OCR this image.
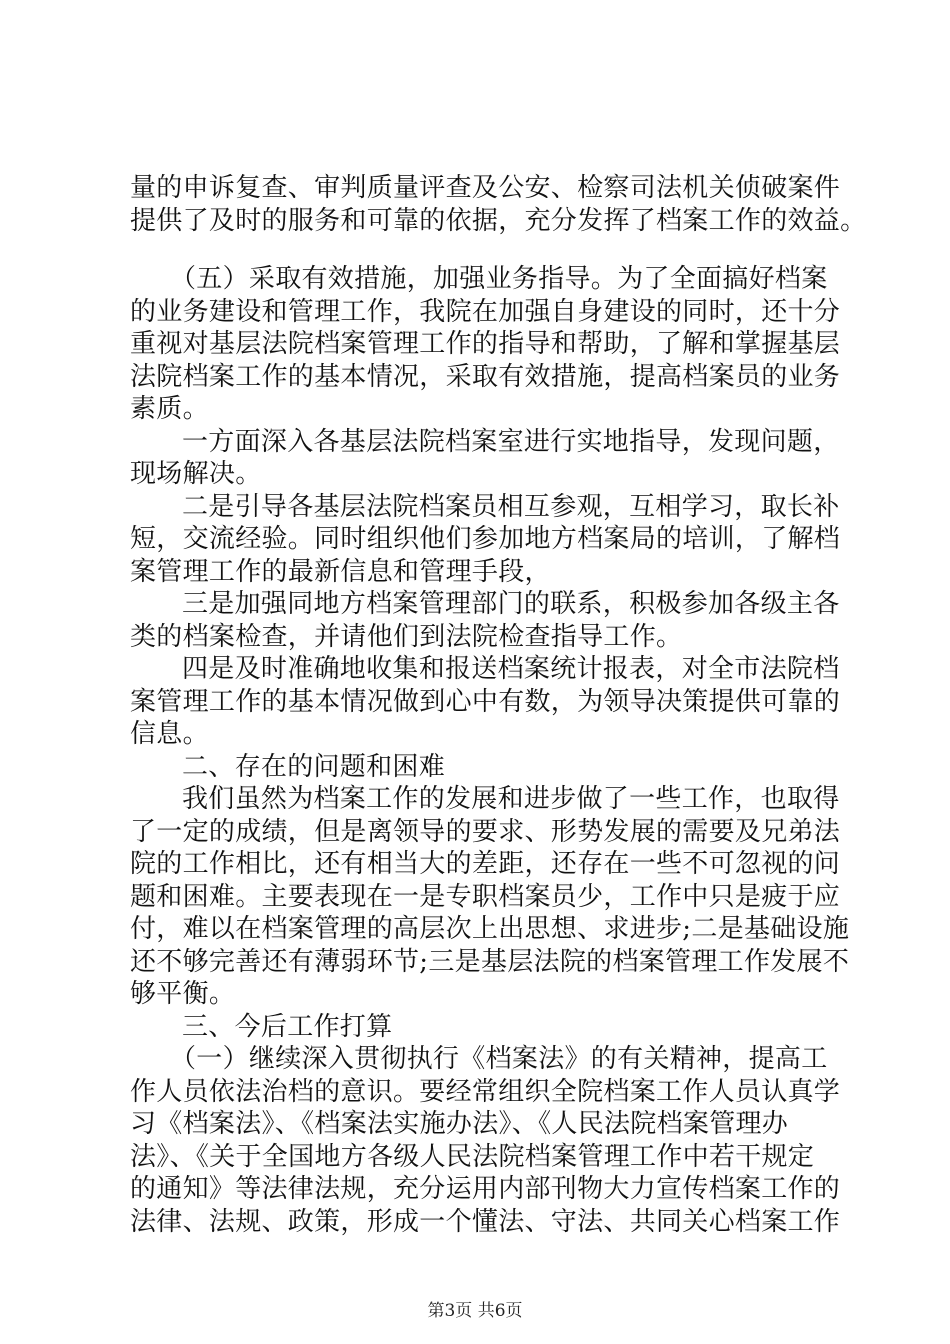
量的申诉复查、审判质量评查及公安、检察司法机关侦破案件
提供了及时的服务和可靠的依据，充分发挥了档案工作的效益。
（五）采取有效措施，加强业务指导。为了全面搞好档案
的业务建设和管理工作，我院在加强自身建设的同时，还十分
重视对基层法院档案管理工作的指导和帮助，了解和掌握基层
法院档案工作的基本情况，采取有效措施，提高档案员的业务
素质。
一方面深入各基层法院档案室进行实地指导，发现问题，
现场解决。
二是引导各基层法院档案员相互参观，互相学习，取长补
短，交流经验。同时组织他们参加地方档案局的培训，了解档
案管理工作的最新信息和管理手段，
三是加强同地方档案管理部门的联系，积极参加各级主各
类的档案检查，并请他们到法院检查指导工作。
四是及时准确地收集和报送档案统计报表，对全市法院档
案管理工作的基本情况做到心中有数，为领导决策提供可靠的
信息。
二、存在的问题和困难
我们虽然为档案工作的发展和进步做了一些工作，也取得
了一定的成绩，但是离领导的要求、形势发展的需要及兄弟法
院的工作相比，还有相当大的差距，还存在一些不可忽视的问
题和困难。主要表现在一是专职档案员少，工作中只是疲于应
付，难以在档案管理的高层次上出思想、求进步;二是基础设施
还不够完善还有薄弱环节;三是基层法院的档案管理工作发展不
够平衡。
三、今后工作打算
（一）继续深入贯彻执行《档案法》的有关精神，提高工
作人员依法治档的意识。要经常组织全院档案工作人员认真学
习《档案法》、《档案法实施办法》、《人民法院档案管理办
法》、《关于全国地方各级人民法院档案管理工作中若干规定
的通知》等法律法规，充分运用内部刊物大力宣传档案工作的
法律、法规、政策，形成一个懂法、守法、共同关心档案工作
第3页 共6页
